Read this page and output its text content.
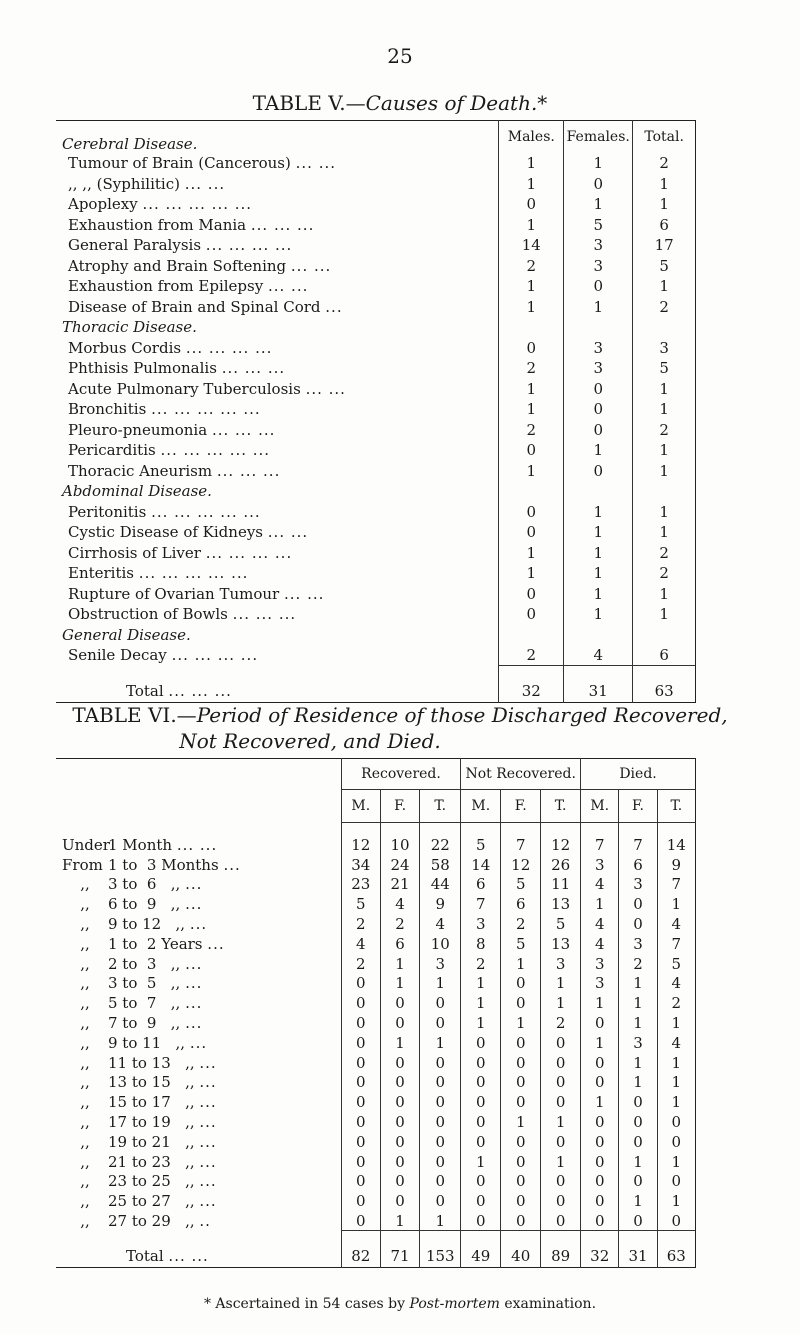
25
TABLE V.—Causes of Death.*
Cerebral Disease.	Males.	Females.	Total.
Tumour of Brain (Cancerous) ... ...	1	1	2
,, ,, (Syphilitic) ... ...	1	0	1
Apoplexy ... ... ... ... ...	0	1	1
Exhaustion from Mania ... ... ...	1	5	6
General Paralysis ... ... ... ...	14	3	17
Atrophy and Brain Softening ... ...	2	3	5
Exhaustion from Epilepsy ... ...	1	0	1
Disease of Brain and Spinal Cord ...	1	1	2
Thoracic Disease.			
Morbus Cordis ... ... ... ...	0	3	3
Phthisis Pulmonalis ... ... ...	2	3	5
Acute Pulmonary Tuberculosis ... ...	1	0	1
Bronchitis ... ... ... ... ...	1	0	1
Pleuro-pneumonia ... ... ...	2	0	2
Pericarditis ... ... ... ... ...	0	1	1
Thoracic Aneurism ... ... ...	1	0	1
Abdominal Disease.			
Peritonitis ... ... ... ... ...	0	1	1
Cystic Disease of Kidneys ... ...	0	1	1
Cirrhosis of Liver ... ... ... ...	1	1	2
Enteritis ... ... ... ... ...	1	1	2
Rupture of Ovarian Tumour ... ...	0	1	1
Obstruction of Bowls ... ... ...	0	1	1
General Disease.			
Senile Decay ... ... ... ...	2	4	6
Total ... ... ...	32	31	63
TABLE VI.—Period of Residence of those Discharged Recovered,
Not Recovered, and Died.
	Recovered.			Not Recovered.			Died.		
	M.	F.	T.	M.	F.	T.	M.	F.	T.

Under1 Month ... ...	12	10	22	5	7	12	7	7	14
From 1 to  3 Months ...	34	24	58	14	12	26	3	6	9
,, 3 to  6   ,, ...	23	21	44	6	5	11	4	3	7
,, 6 to  9   ,, ...	5	4	9	7	6	13	1	0	1
,, 9 to 12   ,, ...	2	2	4	3	2	5	4	0	4
,, 1 to  2 Years ...	4	6	10	8	5	13	4	3	7
,, 2 to  3   ,, ...	2	1	3	2	1	3	3	2	5
,, 3 to  5   ,, ...	0	1	1	1	0	1	3	1	4
,, 5 to  7   ,, ...	0	0	0	1	0	1	1	1	2
,, 7 to  9   ,, ...	0	0	0	1	1	2	0	1	1
,, 9 to 11   ,, ...	0	1	1	0	0	0	1	3	4
,, 11 to 13   ,, ...	0	0	0	0	0	0	0	1	1
,, 13 to 15   ,, ...	0	0	0	0	0	0	0	1	1
,, 15 to 17   ,, ...	0	0	0	0	0	0	1	0	1
,, 17 to 19   ,, ...	0	0	0	0	1	1	0	0	0
,, 19 to 21   ,, ...	0	0	0	0	0	0	0	0	0
,, 21 to 23   ,, ...	0	0	0	1	0	1	0	1	1
,, 23 to 25   ,, ...	0	0	0	0	0	0	0	0	0
,, 25 to 27   ,, ...	0	0	0	0	0	0	0	1	1
,, 27 to 29   ,, ..	0	1	1	0	0	0	0	0	0
Total ... ...	82	71	153	49	40	89	32	31	63
* Ascertained in 54 cases by Post-mortem examination.
